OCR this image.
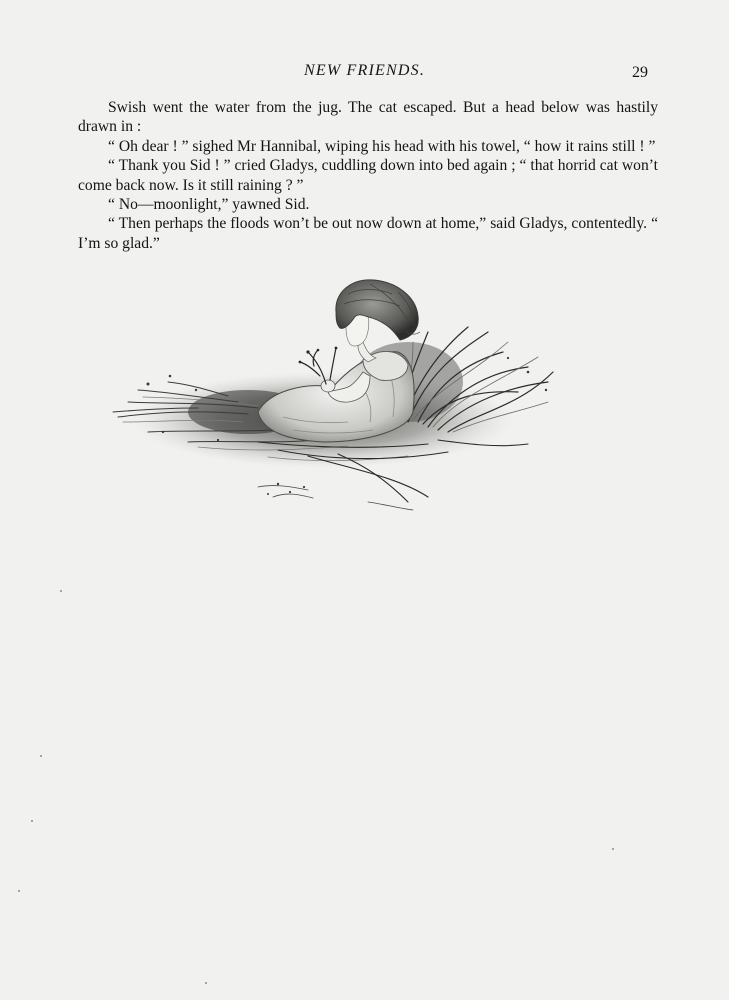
NEW FRIENDS.	29

Swish went the water from the jug. The cat escaped. But a head below was hastily drawn in :

“ Oh dear ! ” sighed Mr Hannibal, wiping his head with his towel, “ how it rains still ! ”

“ Thank you Sid ! ” cried Gladys, cuddling down into bed again ; “ that horrid cat won’t come back now. Is it still raining ? ”

“ No—moonlight,” yawned Sid.

“ Then perhaps the floods won’t be out now down at home,” said Gladys, contentedly. “ I’m so glad.”
